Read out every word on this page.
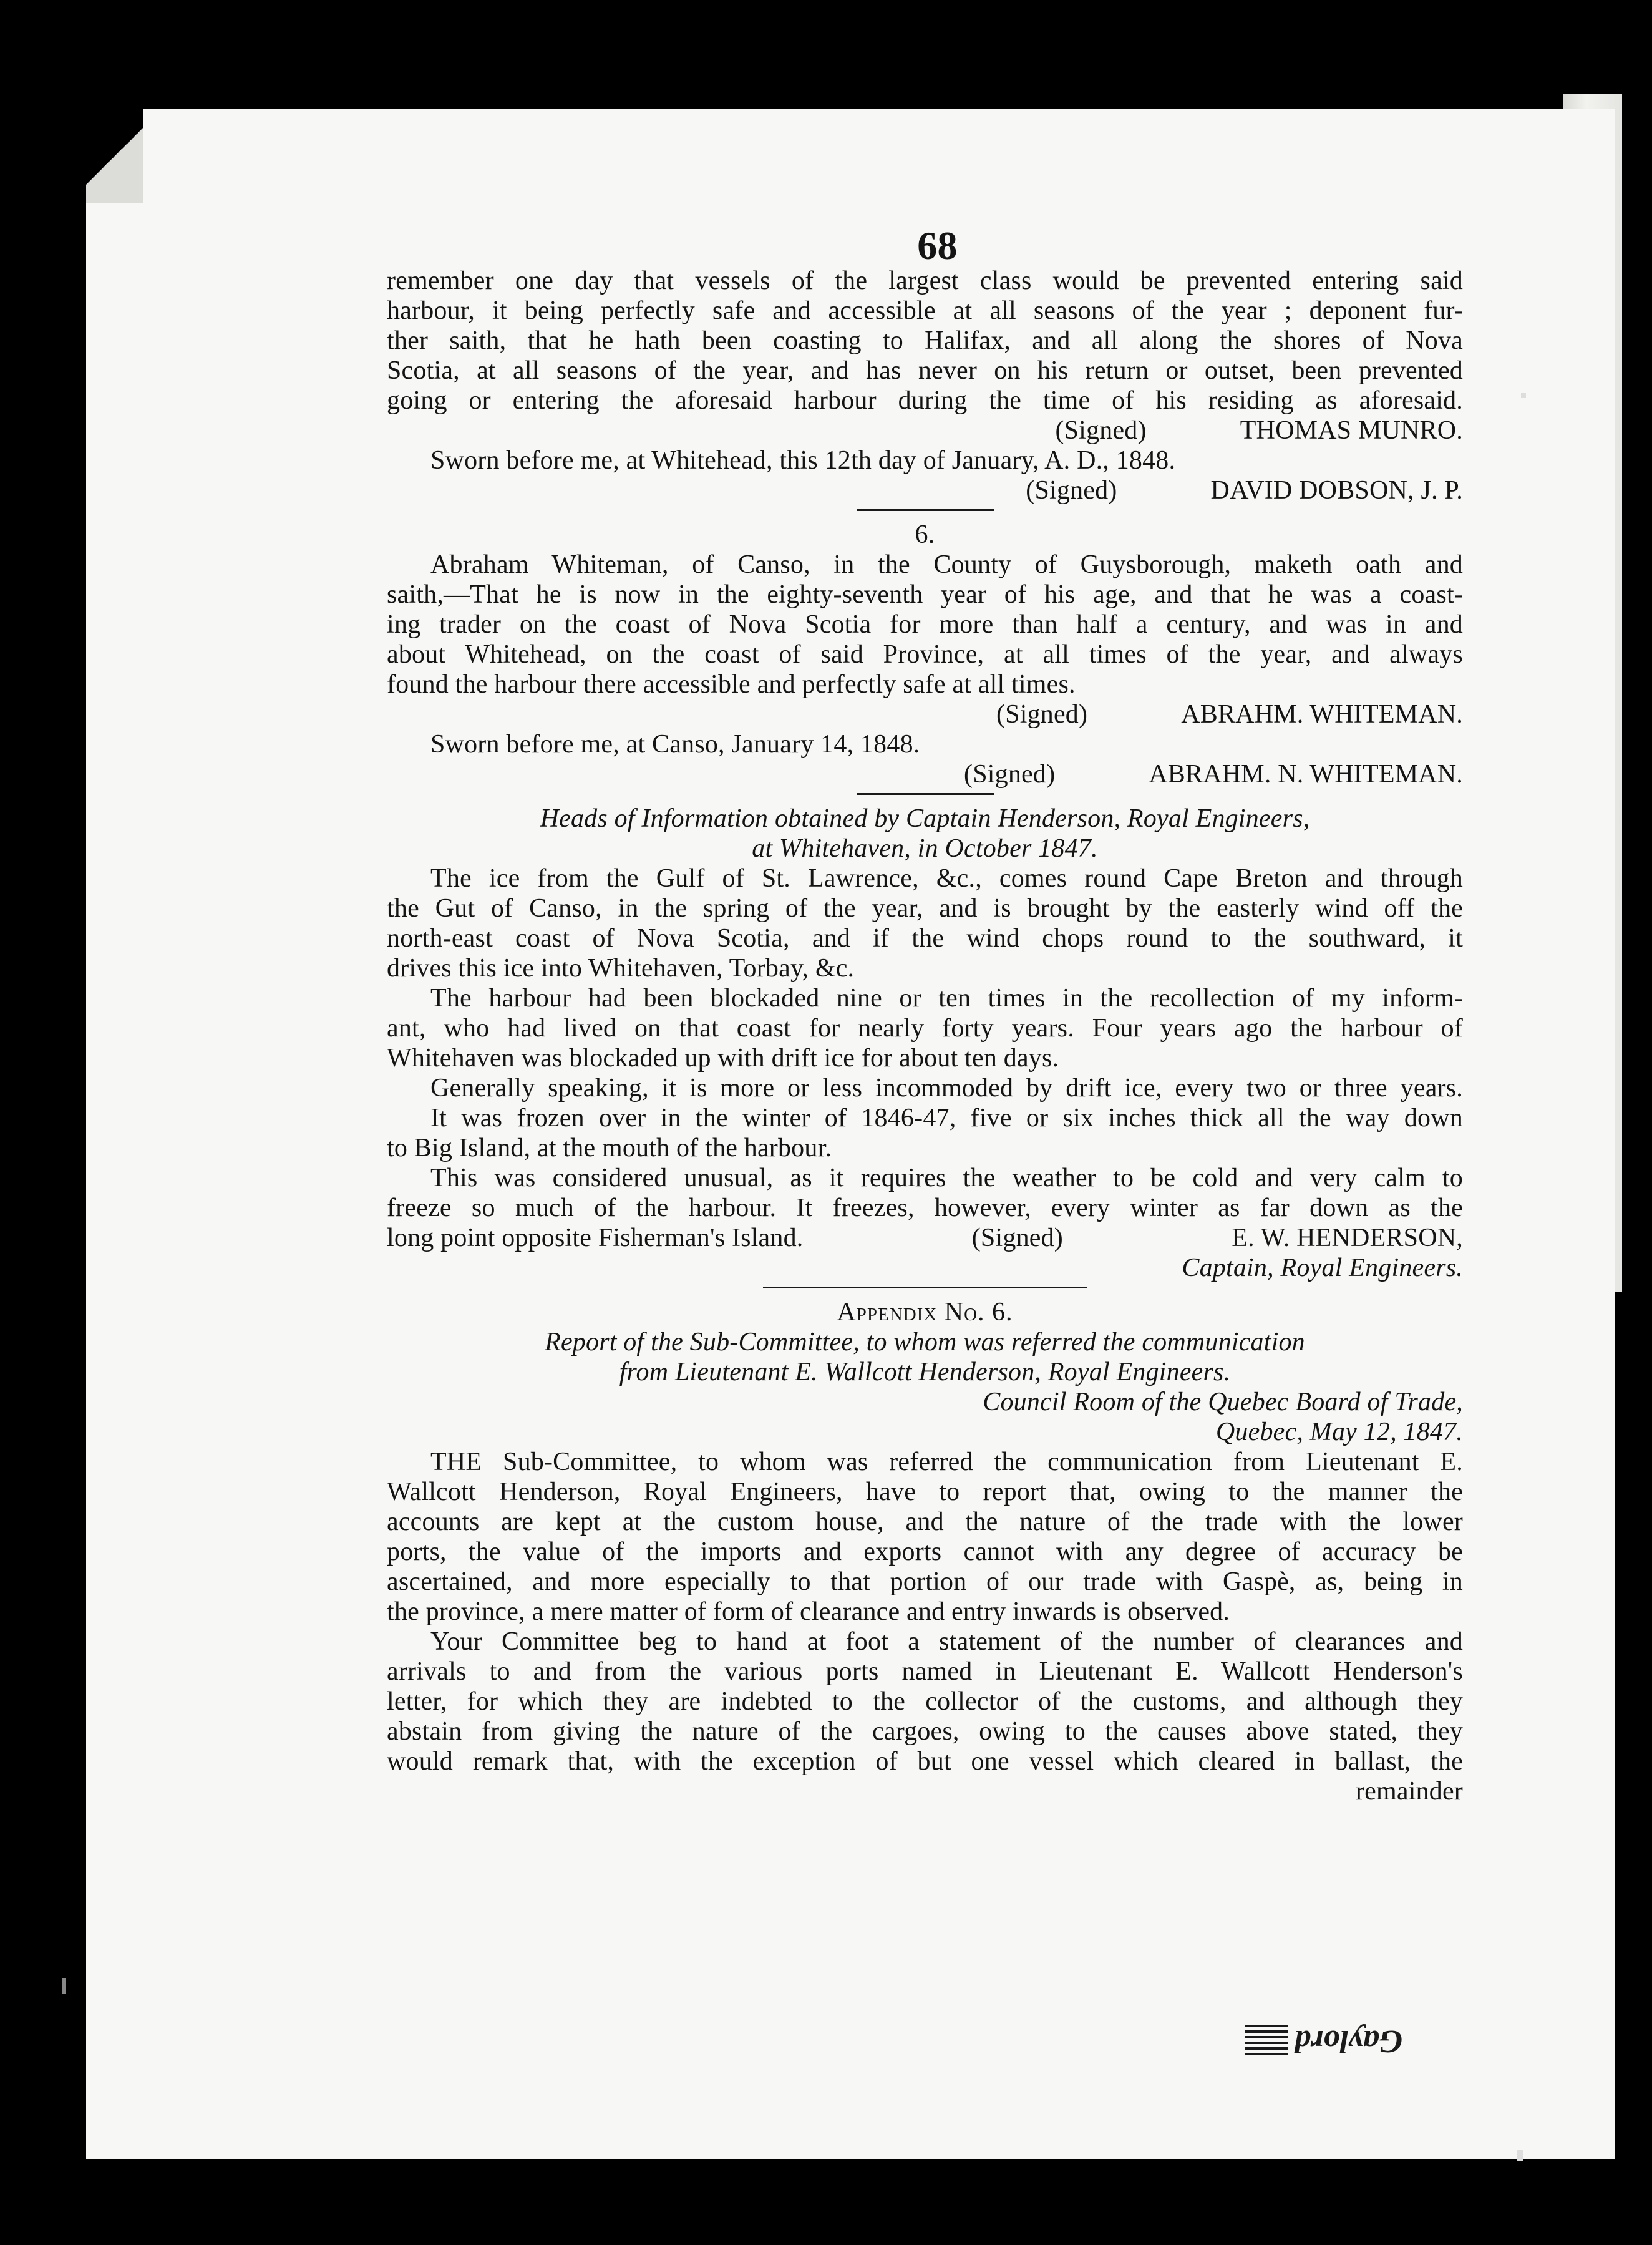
68
remember one day that vessels of the largest class would be prevented entering said
harbour, it being perfectly safe and accessible at all seasons of the year ; deponent fur-
ther saith, that he hath been coasting to Halifax, and all along the shores of Nova
Scotia, at all seasons of the year, and has never on his return or outset, been prevented
going or entering the aforesaid harbour during the time of his residing as aforesaid.
(Signed)	THOMAS MUNRO.
Sworn before me, at Whitehead, this 12th day of January, A. D., 1848.
(Signed)	DAVID DOBSON, J. P.
6.
Abraham Whiteman, of Canso, in the County of Guysborough, maketh oath and
saith,—That he is now in the eighty-seventh year of his age, and that he was a coast-
ing trader on the coast of Nova Scotia for more than half a century, and was in and
about Whitehead, on the coast of said Province, at all times of the year, and always
found the harbour there accessible and perfectly safe at all times.
(Signed)	ABRAHM. WHITEMAN.
Sworn before me, at Canso, January 14, 1848.
(Signed)	ABRAHM. N. WHITEMAN.
Heads of Information obtained by Captain Henderson, Royal Engineers,
at Whitehaven, in October 1847.
The ice from the Gulf of St. Lawrence, &c., comes round Cape Breton and through
the Gut of Canso, in the spring of the year, and is brought by the easterly wind off the
north-east coast of Nova Scotia, and if the wind chops round to the southward, it
drives this ice into Whitehaven, Torbay, &c.
The harbour had been blockaded nine or ten times in the recollection of my inform-
ant, who had lived on that coast for nearly forty years. Four years ago the harbour of
Whitehaven was blockaded up with drift ice for about ten days.
Generally speaking, it is more or less incommoded by drift ice, every two or three years.
It was frozen over in the winter of 1846-47, five or six inches thick all the way down
to Big Island, at the mouth of the harbour.
This was considered unusual, as it requires the weather to be cold and very calm to
freeze so much of the harbour. It freezes, however, every winter as far down as the
long point opposite Fisherman's Island.	(Signed)	E. W. HENDERSON,
Captain, Royal Engineers.
Appendix No. 6.
Report of the Sub-Committee, to whom was referred the communication
from Lieutenant E. Wallcott Henderson, Royal Engineers.
Council Room of the Quebec Board of Trade,
Quebec, May 12, 1847.
THE Sub-Committee, to whom was referred the communication from Lieutenant E.
Wallcott Henderson, Royal Engineers, have to report that, owing to the manner the
accounts are kept at the custom house, and the nature of the trade with the lower
ports, the value of the imports and exports cannot with any degree of accuracy be
ascertained, and more especially to that portion of our trade with Gaspè, as, being in
the province, a mere matter of form of clearance and entry inwards is observed.
Your Committee beg to hand at foot a statement of the number of clearances and
arrivals to and from the various ports named in Lieutenant E. Wallcott Henderson's
letter, for which they are indebted to the collector of the customs, and although they
abstain from giving the nature of the cargoes, owing to the causes above stated, they
would remark that, with the exception of but one vessel which cleared in ballast, the
remainder
Gaylord
